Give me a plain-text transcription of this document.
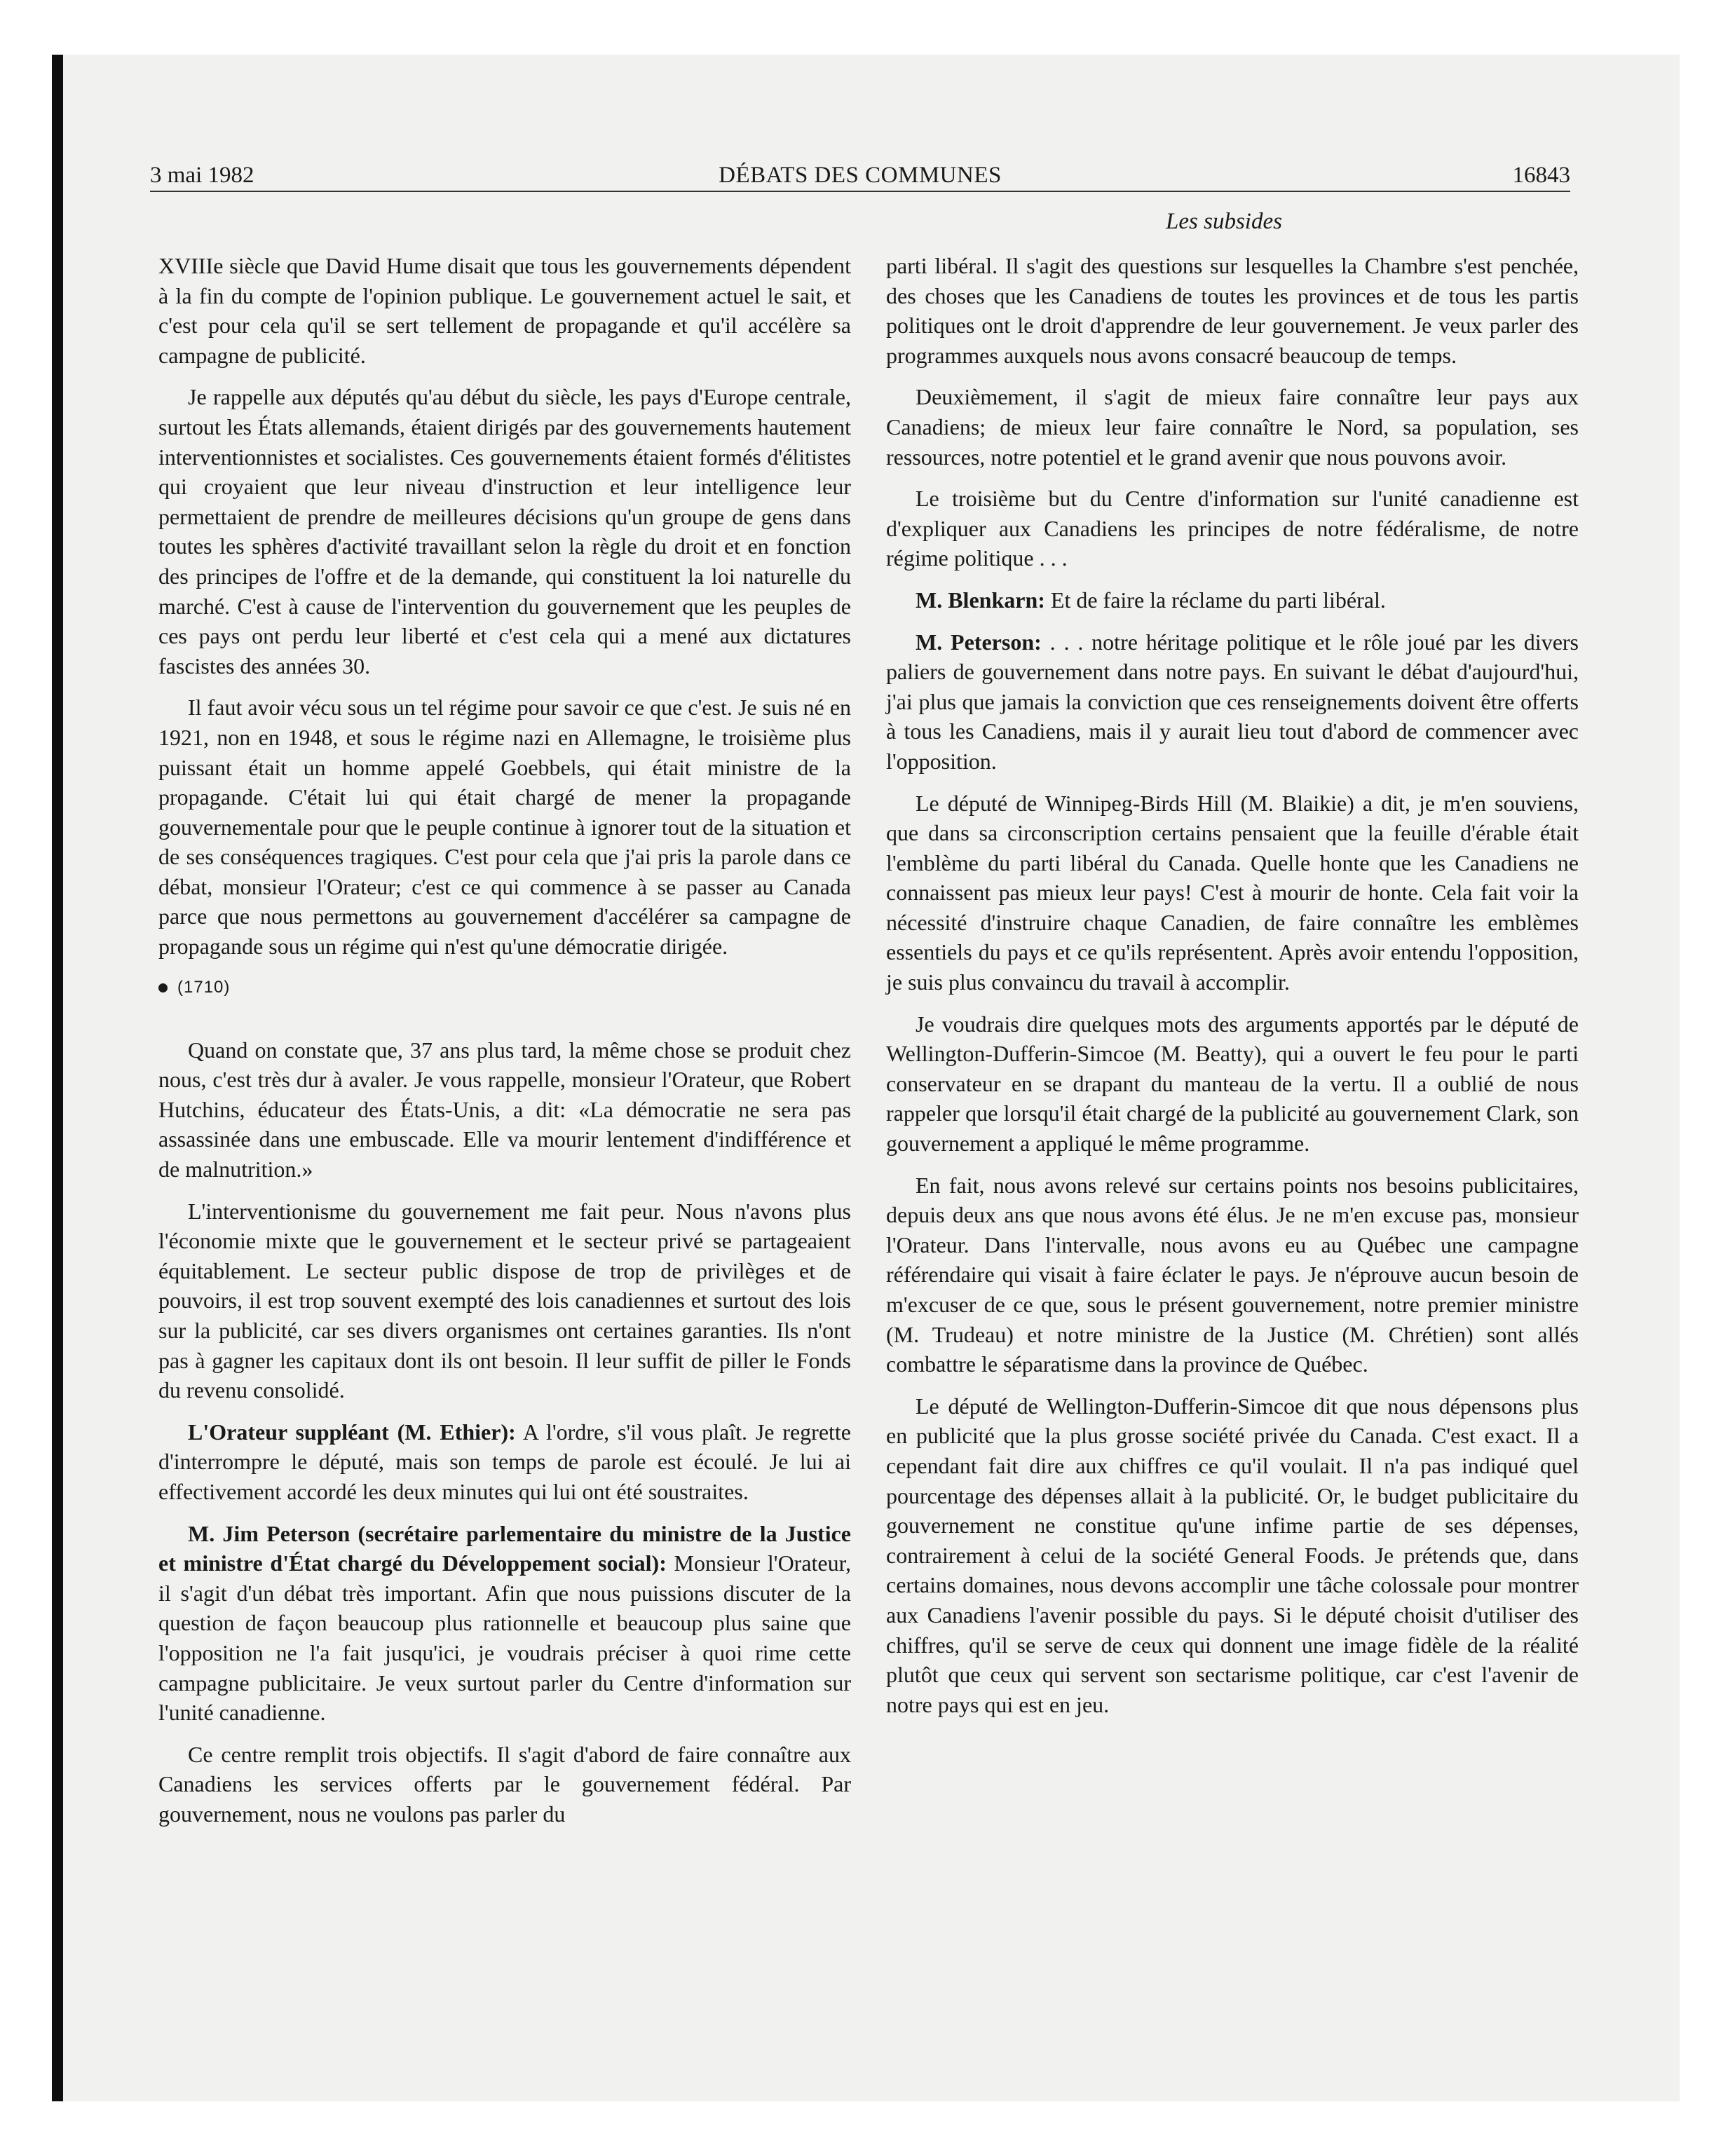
3 mai 1982	DÉBATS DES COMMUNES	16843
Les subsides

XVIIIe siècle que David Hume disait que tous les gouvernements dépendent à la fin du compte de l'opinion publique. Le gouvernement actuel le sait, et c'est pour cela qu'il se sert tellement de propagande et qu'il accélère sa campagne de publicité.

Je rappelle aux députés qu'au début du siècle, les pays d'Europe centrale, surtout les États allemands, étaient dirigés par des gouvernements hautement interventionnistes et socialistes. Ces gouvernements étaient formés d'élitistes qui croyaient que leur niveau d'instruction et leur intelligence leur permettaient de prendre de meilleures décisions qu'un groupe de gens dans toutes les sphères d'activité travaillant selon la règle du droit et en fonction des principes de l'offre et de la demande, qui constituent la loi naturelle du marché. C'est à cause de l'intervention du gouvernement que les peuples de ces pays ont perdu leur liberté et c'est cela qui a mené aux dictatures fascistes des années 30.

Il faut avoir vécu sous un tel régime pour savoir ce que c'est. Je suis né en 1921, non en 1948, et sous le régime nazi en Allemagne, le troisième plus puissant était un homme appelé Goebbels, qui était ministre de la propagande. C'était lui qui était chargé de mener la propagande gouvernementale pour que le peuple continue à ignorer tout de la situation et de ses conséquences tragiques. C'est pour cela que j'ai pris la parole dans ce débat, monsieur l'Orateur; c'est ce qui commence à se passer au Canada parce que nous permettons au gouvernement d'accélérer sa campagne de propagande sous un régime qui n'est qu'une démocratie dirigée.

(1710)

Quand on constate que, 37 ans plus tard, la même chose se produit chez nous, c'est très dur à avaler. Je vous rappelle, monsieur l'Orateur, que Robert Hutchins, éducateur des États-Unis, a dit: «La démocratie ne sera pas assassinée dans une embuscade. Elle va mourir lentement d'indifférence et de malnutrition.»

L'interventionisme du gouvernement me fait peur. Nous n'avons plus l'économie mixte que le gouvernement et le secteur privé se partageaient équitablement. Le secteur public dispose de trop de privilèges et de pouvoirs, il est trop souvent exempté des lois canadiennes et surtout des lois sur la publicité, car ses divers organismes ont certaines garanties. Ils n'ont pas à gagner les capitaux dont ils ont besoin. Il leur suffit de piller le Fonds du revenu consolidé.

L'Orateur suppléant (M. Ethier): A l'ordre, s'il vous plaît. Je regrette d'interrompre le député, mais son temps de parole est écoulé. Je lui ai effectivement accordé les deux minutes qui lui ont été soustraites.

M. Jim Peterson (secrétaire parlementaire du ministre de la Justice et ministre d'État chargé du Développement social): Monsieur l'Orateur, il s'agit d'un débat très important. Afin que nous puissions discuter de la question de façon beaucoup plus rationnelle et beaucoup plus saine que l'opposition ne l'a fait jusqu'ici, je voudrais préciser à quoi rime cette campagne publicitaire. Je veux surtout parler du Centre d'information sur l'unité canadienne.

Ce centre remplit trois objectifs. Il s'agit d'abord de faire connaître aux Canadiens les services offerts par le gouvernement fédéral. Par gouvernement, nous ne voulons pas parler du

parti libéral. Il s'agit des questions sur lesquelles la Chambre s'est penchée, des choses que les Canadiens de toutes les provinces et de tous les partis politiques ont le droit d'apprendre de leur gouvernement. Je veux parler des programmes auxquels nous avons consacré beaucoup de temps.

Deuxièmement, il s'agit de mieux faire connaître leur pays aux Canadiens; de mieux leur faire connaître le Nord, sa population, ses ressources, notre potentiel et le grand avenir que nous pouvons avoir.

Le troisième but du Centre d'information sur l'unité canadienne est d'expliquer aux Canadiens les principes de notre fédéralisme, de notre régime politique . . .

M. Blenkarn: Et de faire la réclame du parti libéral.

M. Peterson: . . . notre héritage politique et le rôle joué par les divers paliers de gouvernement dans notre pays. En suivant le débat d'aujourd'hui, j'ai plus que jamais la conviction que ces renseignements doivent être offerts à tous les Canadiens, mais il y aurait lieu tout d'abord de commencer avec l'opposition.

Le député de Winnipeg-Birds Hill (M. Blaikie) a dit, je m'en souviens, que dans sa circonscription certains pensaient que la feuille d'érable était l'emblème du parti libéral du Canada. Quelle honte que les Canadiens ne connaissent pas mieux leur pays! C'est à mourir de honte. Cela fait voir la nécessité d'instruire chaque Canadien, de faire connaître les emblèmes essentiels du pays et ce qu'ils représentent. Après avoir entendu l'opposition, je suis plus convaincu du travail à accomplir.

Je voudrais dire quelques mots des arguments apportés par le député de Wellington-Dufferin-Simcoe (M. Beatty), qui a ouvert le feu pour le parti conservateur en se drapant du manteau de la vertu. Il a oublié de nous rappeler que lorsqu'il était chargé de la publicité au gouvernement Clark, son gouvernement a appliqué le même programme.

En fait, nous avons relevé sur certains points nos besoins publicitaires, depuis deux ans que nous avons été élus. Je ne m'en excuse pas, monsieur l'Orateur. Dans l'intervalle, nous avons eu au Québec une campagne référendaire qui visait à faire éclater le pays. Je n'éprouve aucun besoin de m'excuser de ce que, sous le présent gouvernement, notre premier ministre (M. Trudeau) et notre ministre de la Justice (M. Chrétien) sont allés combattre le séparatisme dans la province de Québec.

Le député de Wellington-Dufferin-Simcoe dit que nous dépensons plus en publicité que la plus grosse société privée du Canada. C'est exact. Il a cependant fait dire aux chiffres ce qu'il voulait. Il n'a pas indiqué quel pourcentage des dépenses allait à la publicité. Or, le budget publicitaire du gouvernement ne constitue qu'une infime partie de ses dépenses, contrairement à celui de la société General Foods. Je prétends que, dans certains domaines, nous devons accomplir une tâche colossale pour montrer aux Canadiens l'avenir possible du pays. Si le député choisit d'utiliser des chiffres, qu'il se serve de ceux qui donnent une image fidèle de la réalité plutôt que ceux qui servent son sectarisme politique, car c'est l'avenir de notre pays qui est en jeu.
